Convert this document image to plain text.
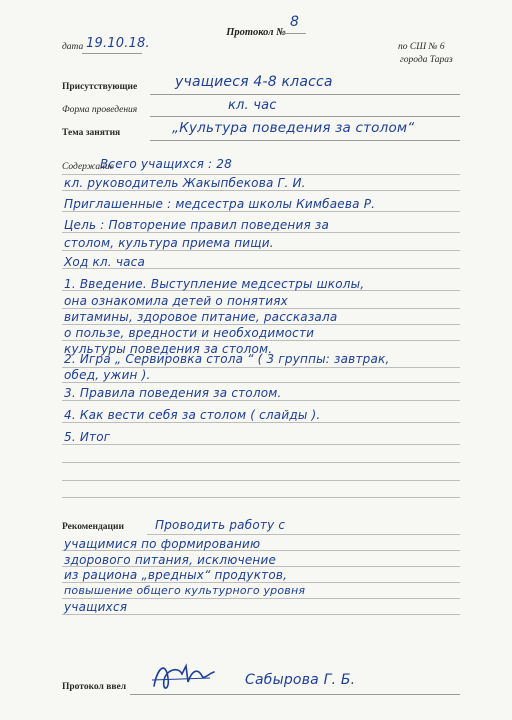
Протокол №
8
дата 19.10.18.	по СШ № 6
города Тараз
Присутствующие	учащиеся 4-8 класса
Форма проведения	кл. час
Тема занятия	„Культура поведения за столом“
Содержание
Всего учащихся : 28
кл. руководитель Жакыпбекова Г. И.
Приглашенные : медсестра школы Кимбаева Р.
Цель : Повторение правил поведения за
столом, культура приема пищи.
Ход кл. часа
1. Введение. Выступление медсестры школы,
она ознакомила детей о понятиях
витамины, здоровое питание, рассказала
о пользе, вредности и необходимости
культуры поведения за столом.
2. Игра „ Сервировка стола “ ( 3 группы: завтрак,
обед, ужин ).
3. Правила поведения за столом.
4. Как вести себя за столом ( слайды ).
5. Итог
Рекомендации	Проводить работу с
учащимися по формированию
здорового питания, исключение
из рациона „вредных“ продуктов,
повышение общего культурного уровня
учащихся
Протокол ввел	Сабырова Г. Б.
